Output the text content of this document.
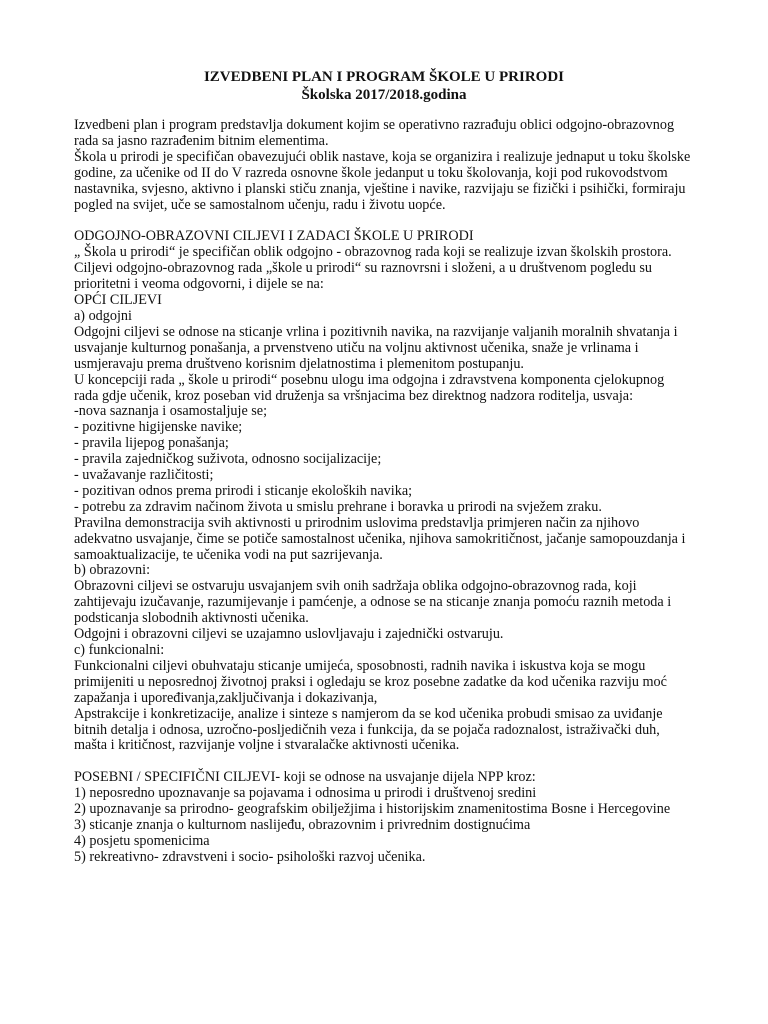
IZVEDBENI PLAN I PROGRAM ŠKOLE U PRIRODI
Školska 2017/2018.godina

Izvedbeni plan i program predstavlja dokument kojim se operativno razrađuju oblici odgojno-obrazovnog

rada sa jasno razrađenim bitnim elementima.

Škola u prirodi je specifičan obavezujući oblik nastave, koja se organizira i realizuje jednaput u toku školske

godine, za učenike od II do V razreda osnovne škole jedanput u toku školovanja, koji pod rukovodstvom

nastavnika, svjesno, aktivno i planski stiču znanja, vještine i navike, razvijaju se fizički i psihički, formiraju

pogled na svijet, uče se samostalnom učenju, radu i životu uopće.

ODGOJNO-OBRAZOVNI CILJEVI I ZADACI ŠKOLE U PRIRODI

„ Škola u prirodi“ je specifičan oblik odgojno - obrazovnog rada koji se realizuje izvan školskih prostora.

Ciljevi odgojno-obrazovnog rada „škole u prirodi“ su raznovrsni i složeni, a u društvenom pogledu su

prioritetni i veoma odgovorni, i dijele se na:

OPĆI CILJEVI

a) odgojni

Odgojni ciljevi se odnose na sticanje vrlina i pozitivnih navika, na razvijanje valjanih moralnih shvatanja i

usvajanje kulturnog ponašanja, a prvenstveno utiču na voljnu aktivnost učenika, snaže je vrlinama i

usmjeravaju prema društveno korisnim djelatnostima i plemenitom postupanju.

U koncepciji rada „ škole u prirodi“ posebnu ulogu ima odgojna i zdravstvena komponenta cjelokupnog

rada gdje učenik, kroz poseban vid druženja sa vršnjacima bez direktnog nadzora roditelja, usvaja:

-nova saznanja i osamostaljuje se;

- pozitivne higijenske navike;

- pravila lijepog ponašanja;

- pravila zajedničkog suživota, odnosno socijalizacije;

- uvažavanje različitosti;

- pozitivan odnos prema prirodi i sticanje ekoloških navika;

- potrebu za zdravim načinom života u smislu prehrane i boravka u prirodi na svježem zraku.

Pravilna demonstracija svih aktivnosti u prirodnim uslovima predstavlja primjeren način za njihovo

adekvatno usvajanje, čime se potiče samostalnost učenika, njihova samokritičnost, jačanje samopouzdanja i

samoaktualizacije, te učenika vodi na put sazrijevanja.

b) obrazovni:

Obrazovni ciljevi se ostvaruju usvajanjem svih onih sadržaja oblika odgojno-obrazovnog rada, koji

zahtijevaju izučavanje, razumijevanje i pamćenje, a odnose se na sticanje znanja pomoću raznih metoda i

podsticanja slobodnih aktivnosti učenika.

Odgojni i obrazovni ciljevi se uzajamno uslovljavaju i zajednički ostvaruju.

c) funkcionalni:

Funkcionalni ciljevi obuhvataju sticanje umijeća, sposobnosti, radnih navika i iskustva koja se mogu

primijeniti u neposrednoj životnoj praksi i ogledaju se kroz posebne zadatke da kod učenika razviju moć

zapažanja i upoređivanja,zaključivanja i dokazivanja,

Apstrakcije i konkretizacije, analize i sinteze s namjerom da se kod učenika probudi smisao za uviđanje

bitnih detalja i odnosa, uzročno-posljedičnih veza i funkcija, da se pojača radoznalost, istraživački duh,

mašta i kritičnost, razvijanje voljne i stvaralačke aktivnosti učenika.

POSEBNI / SPECIFIČNI CILJEVI- koji se odnose na usvajanje dijela NPP kroz:

1) neposredno upoznavanje sa pojavama i odnosima u prirodi i društvenoj sredini

2) upoznavanje sa prirodno- geografskim obilježjima i historijskim znamenitostima Bosne i Hercegovine

3) sticanje znanja o kulturnom naslijeđu, obrazovnim i privrednim dostignućima

4) posjetu spomenicima

5) rekreativno- zdravstveni i socio- psihološki razvoj učenika.
